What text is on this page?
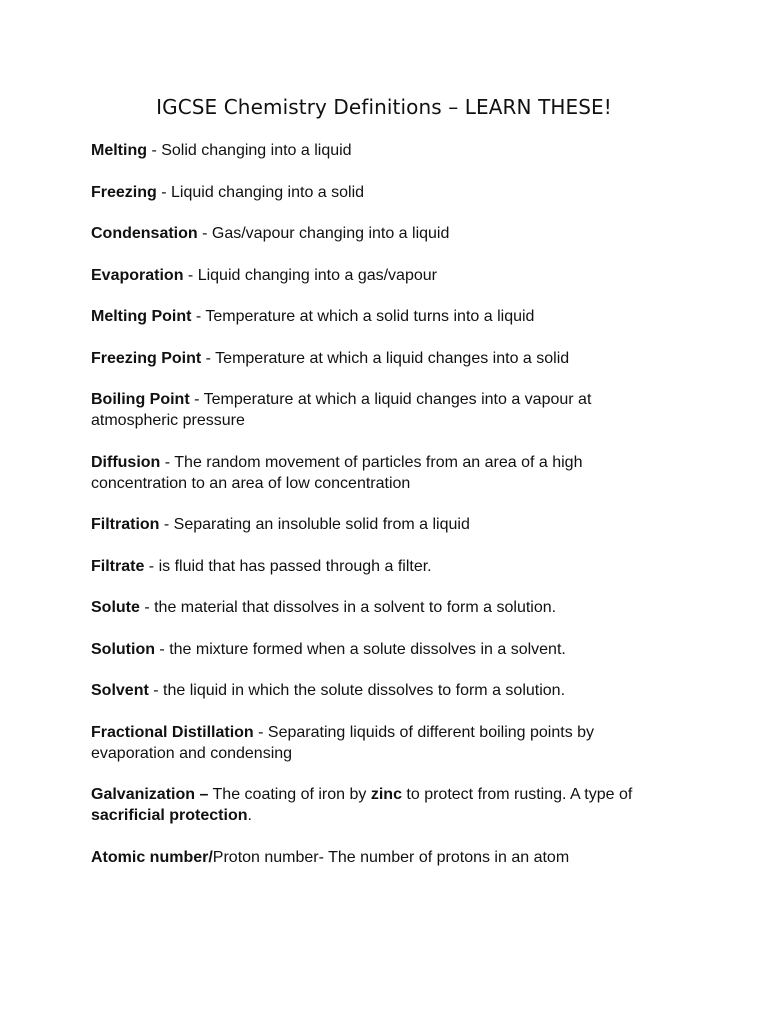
IGCSE Chemistry Definitions – LEARN THESE!
Melting - Solid changing into a liquid
Freezing - Liquid changing into a solid
Condensation - Gas/vapour changing into a liquid
Evaporation - Liquid changing into a gas/vapour
Melting Point - Temperature at which a solid turns into a liquid
Freezing Point - Temperature at which a liquid changes into a solid
Boiling Point - Temperature at which a liquid changes into a vapour at atmospheric pressure
Diffusion - The random movement of particles from an area of a high concentration to an area of low concentration
Filtration - Separating an insoluble solid from a liquid
Filtrate - is fluid that has passed through a filter.
Solute - the material that dissolves in a solvent to form a solution.
Solution - the mixture formed when a solute dissolves in a solvent.
Solvent - the liquid in which the solute dissolves to form a solution.
Fractional Distillation - Separating liquids of different boiling points by evaporation and condensing
Galvanization – The coating of iron by zinc to protect from rusting. A type of sacrificial protection.
Atomic number/Proton number- The number of protons in an atom
